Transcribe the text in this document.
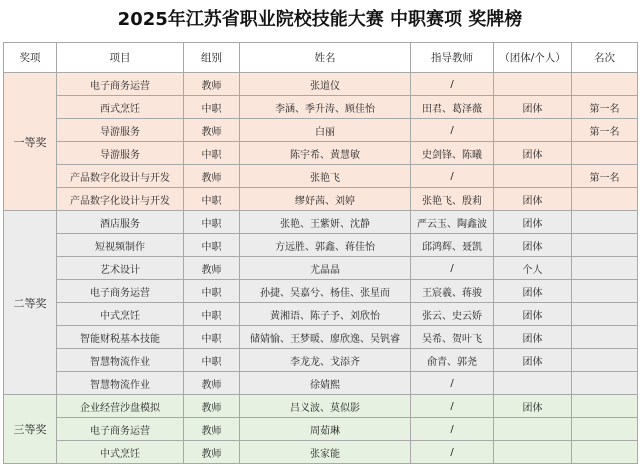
2025年江苏省职业院校技能大赛 中职赛项 奖牌榜
奖项	项目	组别	姓名	指导教师	（团体/个人）	名次
一等奖	电子商务运营	教师	张道仪	/		
	西式烹饪	中职	李涵、季升涛、顾佳怡	田君、葛泽薇	团体	第一名
	导游服务	教师	白丽	/		第一名
	导游服务	中职	陈宇希、黄慧敏	史剑锋、陈曦	团体	
	产品数字化设计与开发	教师	张艳飞	/		第一名
	产品数字化设计与开发	中职	缪妤茜、刘婷	张艳飞、殷莉	团体	
二等奖	酒店服务	中职	张艳、王紫妍、沈静	严云玉、陶鑫波	团体	
	短视频制作	中职	方远胜、郭鑫、蒋佳怡	邱鸿辉、聂凯	团体	
	艺术设计	教师	尤晶晶	/	个人	
	电子商务运营	中职	孙捷、吴嘉兮、杨佳、张星而	王宸羲、蒋骏	团体	
	中式烹饪	中职	黄湘语、陈子予、刘欣怡	张云、史云娇	团体	
	智能财税基本技能	中职	储婧愉、王梦暖、廖欣逸、吴钒睿	吴希、贺叶飞	团体	
	智慧物流作业	中职	李龙龙、戈添齐	俞青、郭尧	团体	
	智慧物流作业	教师	徐婧熙	/		
三等奖	企业经营沙盘模拟	教师	吕义波、莫似影	/	团体	
	电子商务运营	教师	周茹琳	/		
	中式烹饪	教师	张家能	/		
